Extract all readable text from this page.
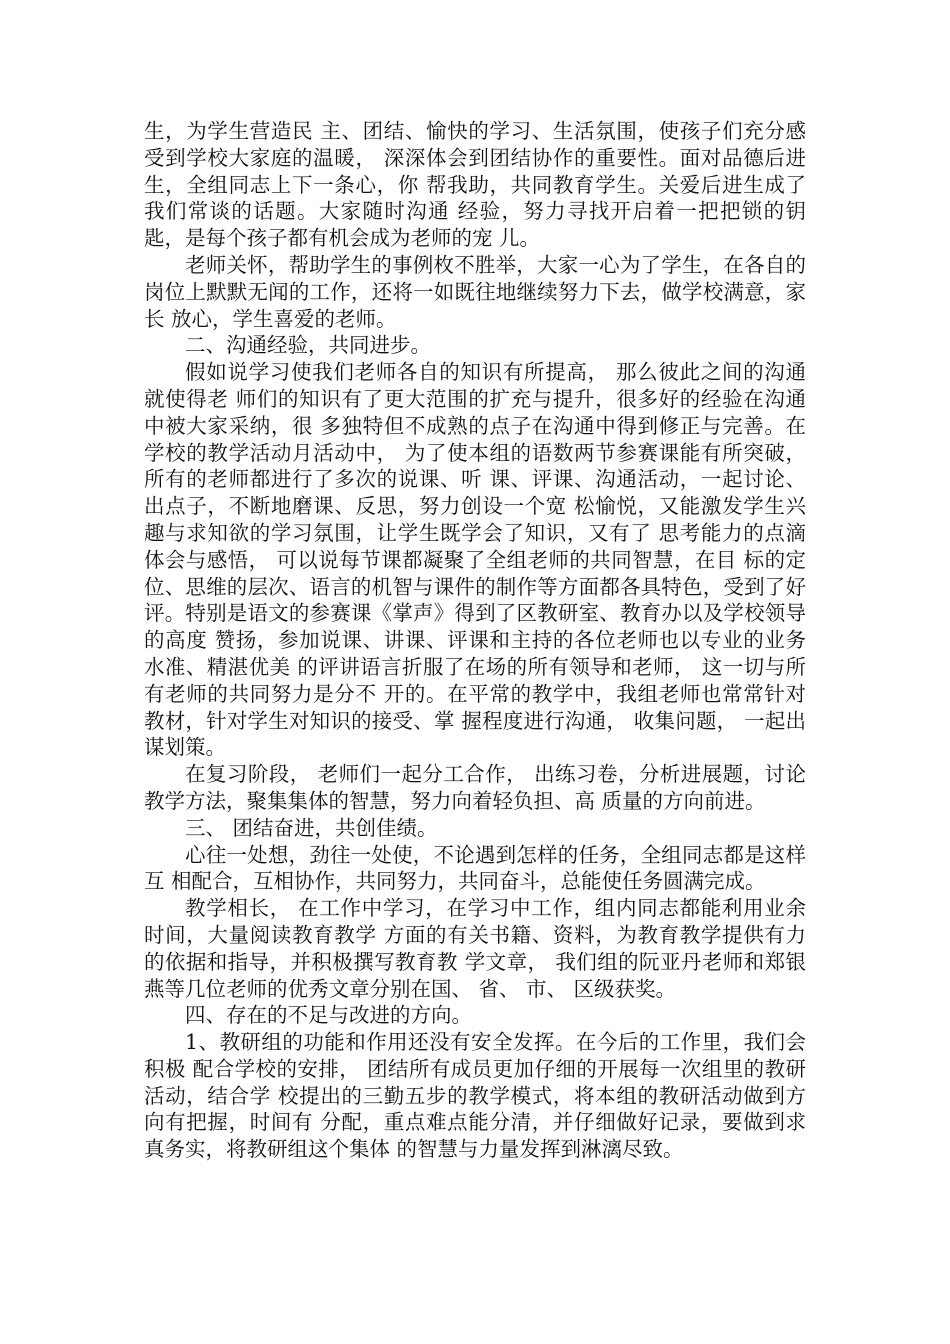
生，为学生营造民 主、团结、愉快的学习、生活氛围，使孩子们充分感受到学校大家庭的温暖， 深深体会到团结协作的重要性。面对品德后进生，全组同志上下一条心，你 帮我助，共同教育学生。关爱后进生成了我们常谈的话题。大家随时沟通 经验，努力寻找开启着一把把锁的钥匙，是每个孩子都有机会成为老师的宠 儿。

老师关怀，帮助学生的事例枚不胜举，大家一心为了学生，在各自的 岗位上默默无闻的工作，还将一如既往地继续努力下去，做学校满意，家长 放心，学生喜爱的老师。

二、沟通经验，共同进步。

假如说学习使我们老师各自的知识有所提高， 那么彼此之间的沟通就使得老 师们的知识有了更大范围的扩充与提升，很多好的经验在沟通中被大家采纳，很 多独特但不成熟的点子在沟通中得到修正与完善。在学校的教学活动月活动中， 为了使本组的语数两节参赛课能有所突破，所有的老师都进行了多次的说课、听 课、评课、沟通活动，一起讨论、出点子，不断地磨课、反思，努力创设一个宽 松愉悦，又能激发学生兴趣与求知欲的学习氛围，让学生既学会了知识，又有了 思考能力的点滴体会与感悟， 可以说每节课都凝聚了全组老师的共同智慧，在目 标的定位、思维的层次、语言的机智与课件的制作等方面都各具特色，受到了好 评。特别是语文的参赛课《掌声》得到了区教研室、教育办以及学校领导的高度 赞扬，参加说课、讲课、评课和主持的各位老师也以专业的业务水准、精湛优美 的评讲语言折服了在场的所有领导和老师， 这一切与所有老师的共同努力是分不 开的。在平常的教学中，我组老师也常常针对教材，针对学生对知识的接受、掌 握程度进行沟通， 收集问题， 一起出谋划策。

在复习阶段， 老师们一起分工合作， 出练习卷，分析进展题，讨论教学方法，聚集集体的智慧，努力向着轻负担、高 质量的方向前进。

三、 团结奋进，共创佳绩。

心往一处想，劲往一处使，不论遇到怎样的任务，全组同志都是这样互 相配合，互相协作，共同努力，共同奋斗，总能使任务圆满完成。

教学相长， 在工作中学习，在学习中工作，组内同志都能利用业余时间，大量阅读教育教学 方面的有关书籍、资料，为教育教学提供有力的依据和指导，并积极撰写教育教 学文章， 我们组的阮亚丹老师和郑银燕等几位老师的优秀文章分别在国、 省、 市、 区级获奖。

四、存在的不足与改进的方向。

1、教研组的功能和作用还没有安全发挥。在今后的工作里，我们会积极 配合学校的安排， 团结所有成员更加仔细的开展每一次组里的教研活动，结合学 校提出的三勤五步的教学模式，将本组的教研活动做到方向有把握，时间有 分配，重点难点能分清，并仔细做好记录，要做到求真务实，将教研组这个集体 的智慧与力量发挥到淋漓尽致。
